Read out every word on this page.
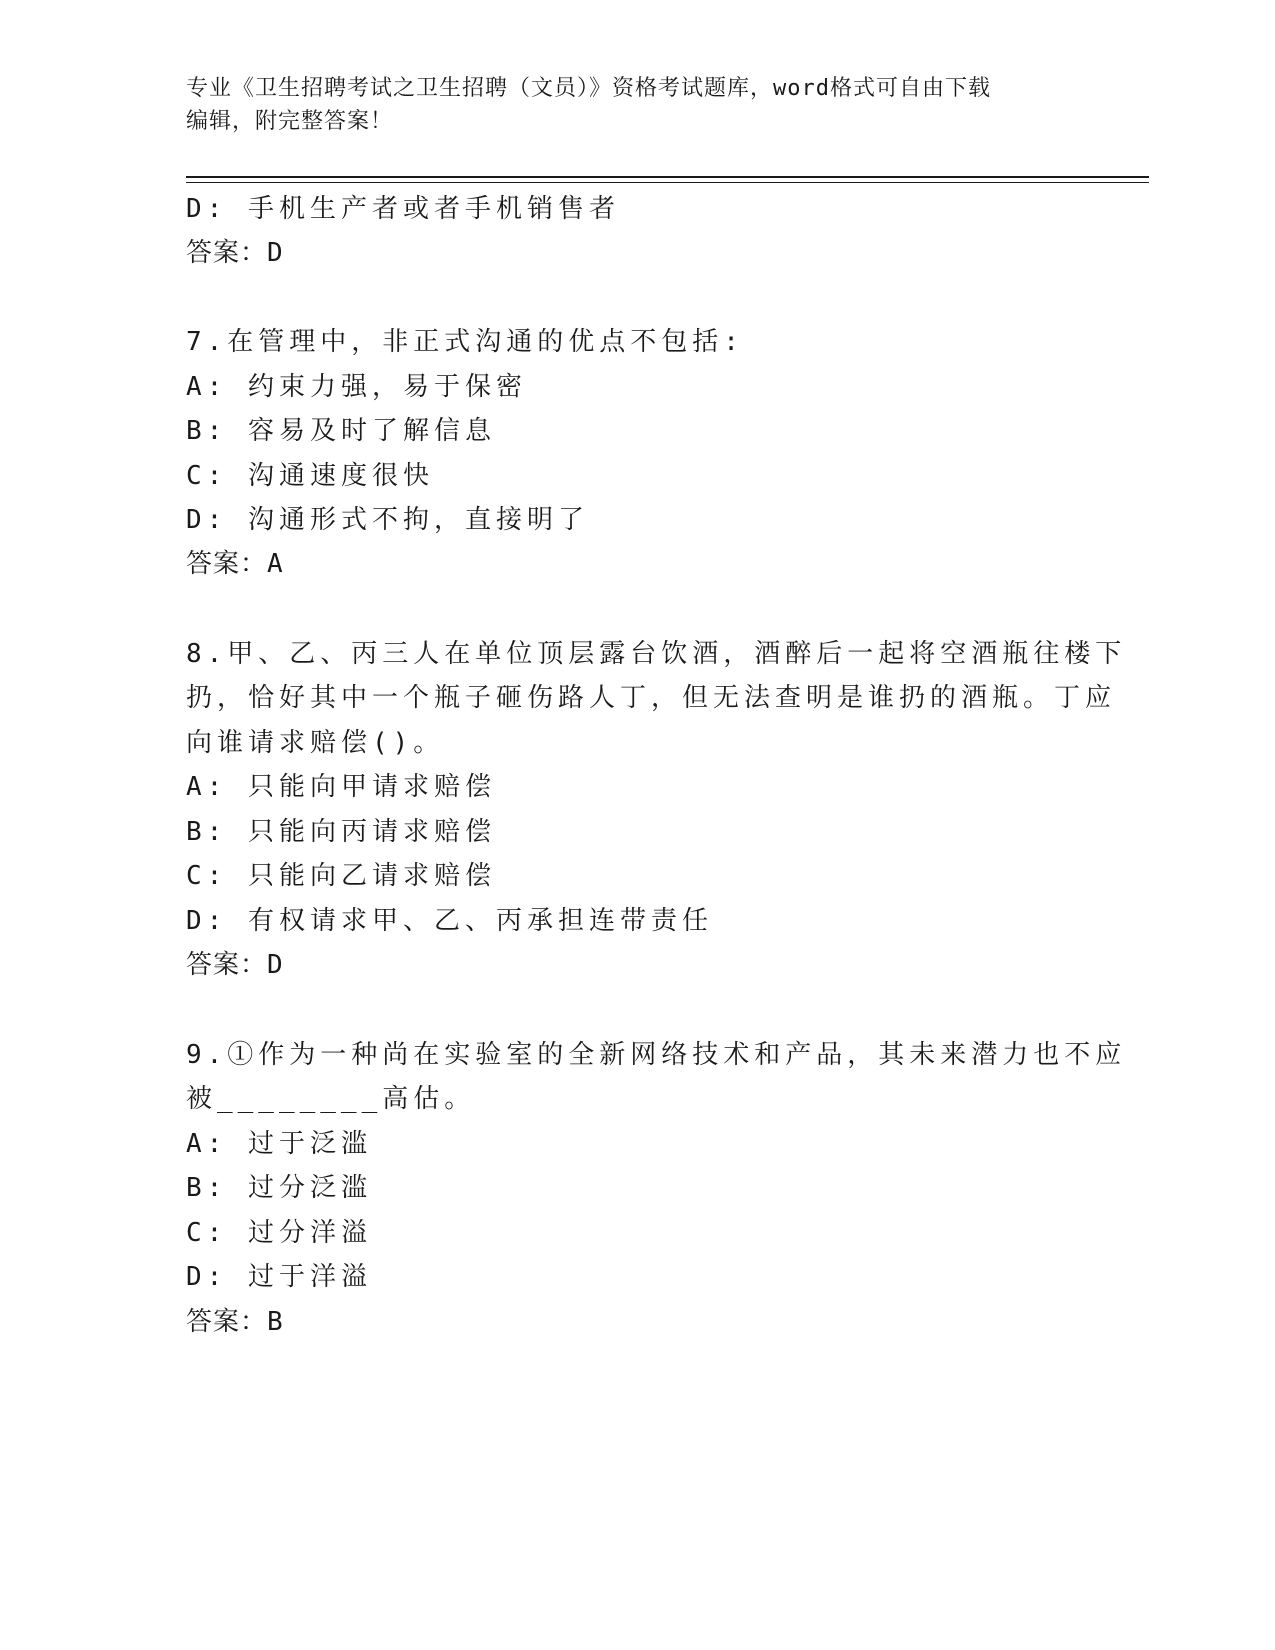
专业《卫生招聘考试之卫生招聘（文员）》资格考试题库，word格式可自由下载
编辑，附完整答案！
D: 手机生产者或者手机销售者
答案：D
7.在管理中，非正式沟通的优点不包括:
A: 约束力强，易于保密
B: 容易及时了解信息
C: 沟通速度很快
D: 沟通形式不拘，直接明了
答案：A
8.甲、乙、丙三人在单位顶层露台饮酒，酒醉后一起将空酒瓶往楼下
扔，恰好其中一个瓶子砸伤路人丁，但无法查明是谁扔的酒瓶。丁应
向谁请求赔偿()。
A: 只能向甲请求赔偿
B: 只能向丙请求赔偿
C: 只能向乙请求赔偿
D: 有权请求甲、乙、丙承担连带责任
答案：D
9.①作为一种尚在实验室的全新网络技术和产品，其未来潜力也不应
被________高估。
A: 过于泛滥
B: 过分泛滥
C: 过分洋溢
D: 过于洋溢
答案：B
